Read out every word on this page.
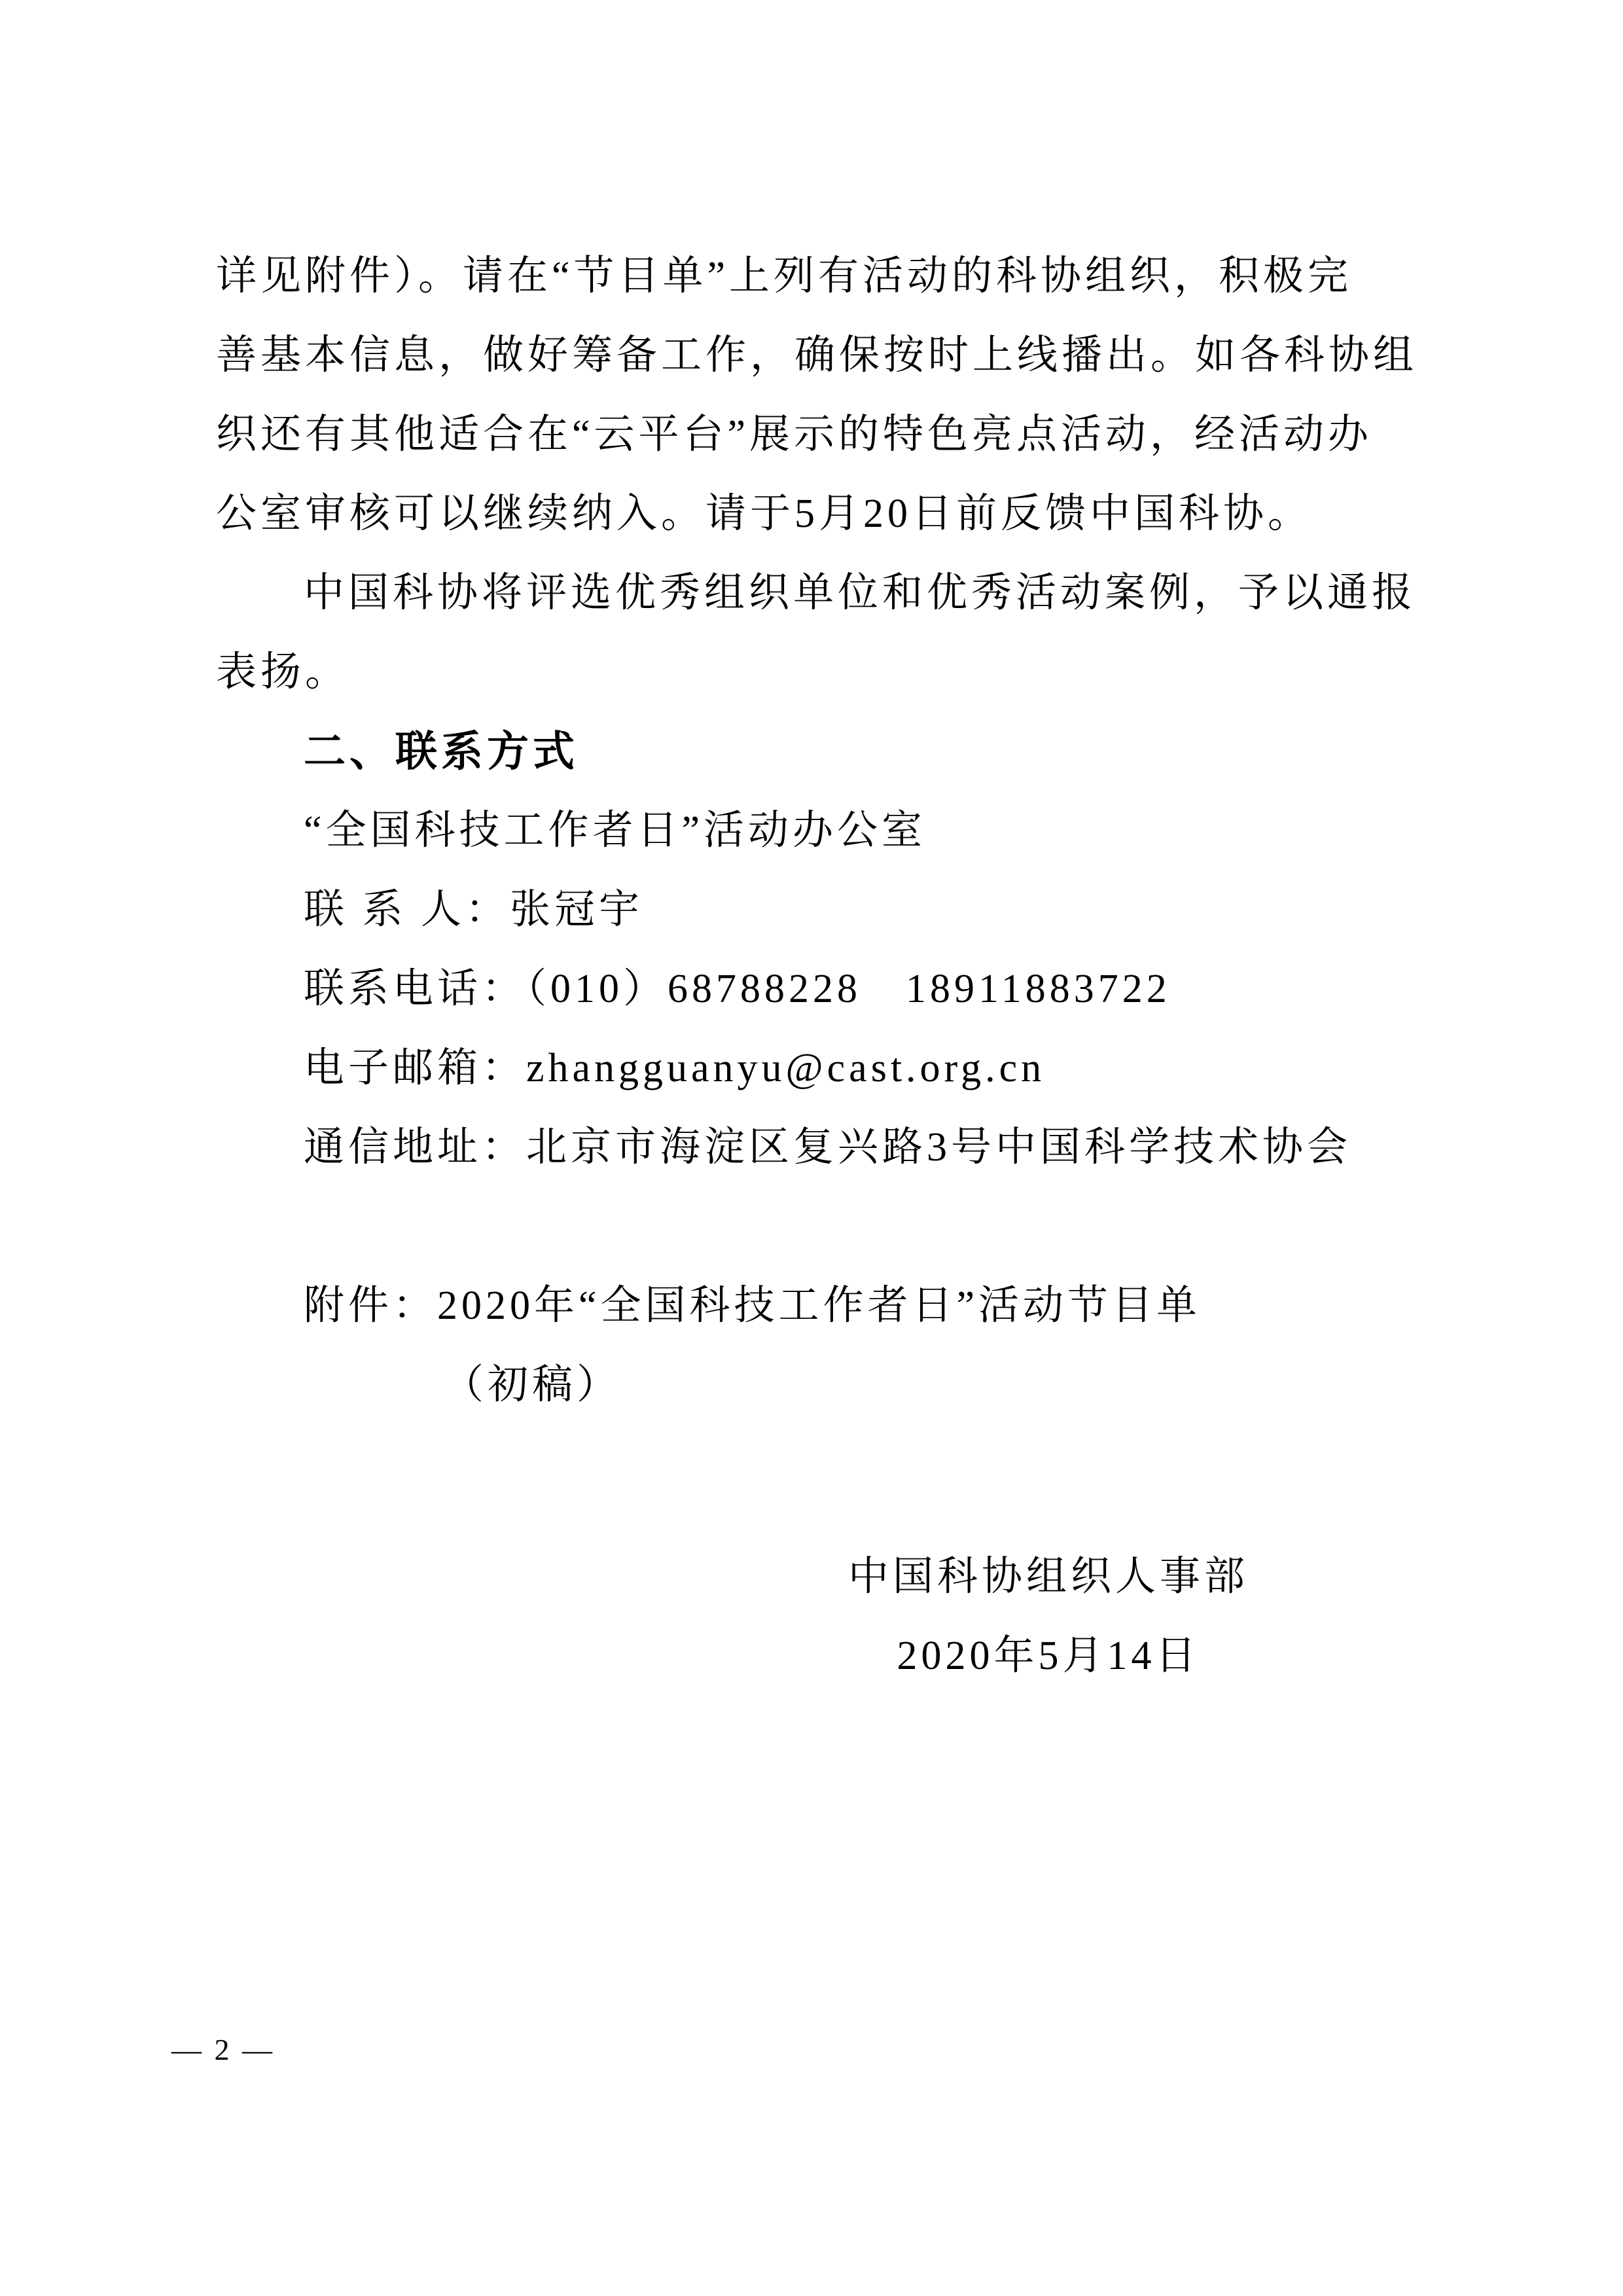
详见附件）。请在“节目单”上列有活动的科协组织，积极完
善基本信息，做好筹备工作，确保按时上线播出。如各科协组
织还有其他适合在“云平台”展示的特色亮点活动，经活动办
公室审核可以继续纳入。请于5月20日前反馈中国科协。
中国科协将评选优秀组织单位和优秀活动案例，予以通报
表扬。
二、联系方式
“全国科技工作者日”活动办公室
联 系 人：张冠宇
联系电话：（010）68788228　18911883722
电子邮箱：zhangguanyu@cast.org.cn
通信地址：北京市海淀区复兴路3号中国科学技术协会
附件：2020年“全国科技工作者日”活动节目单
（初稿）
中国科协组织人事部
2020年5月14日
— 2 —
